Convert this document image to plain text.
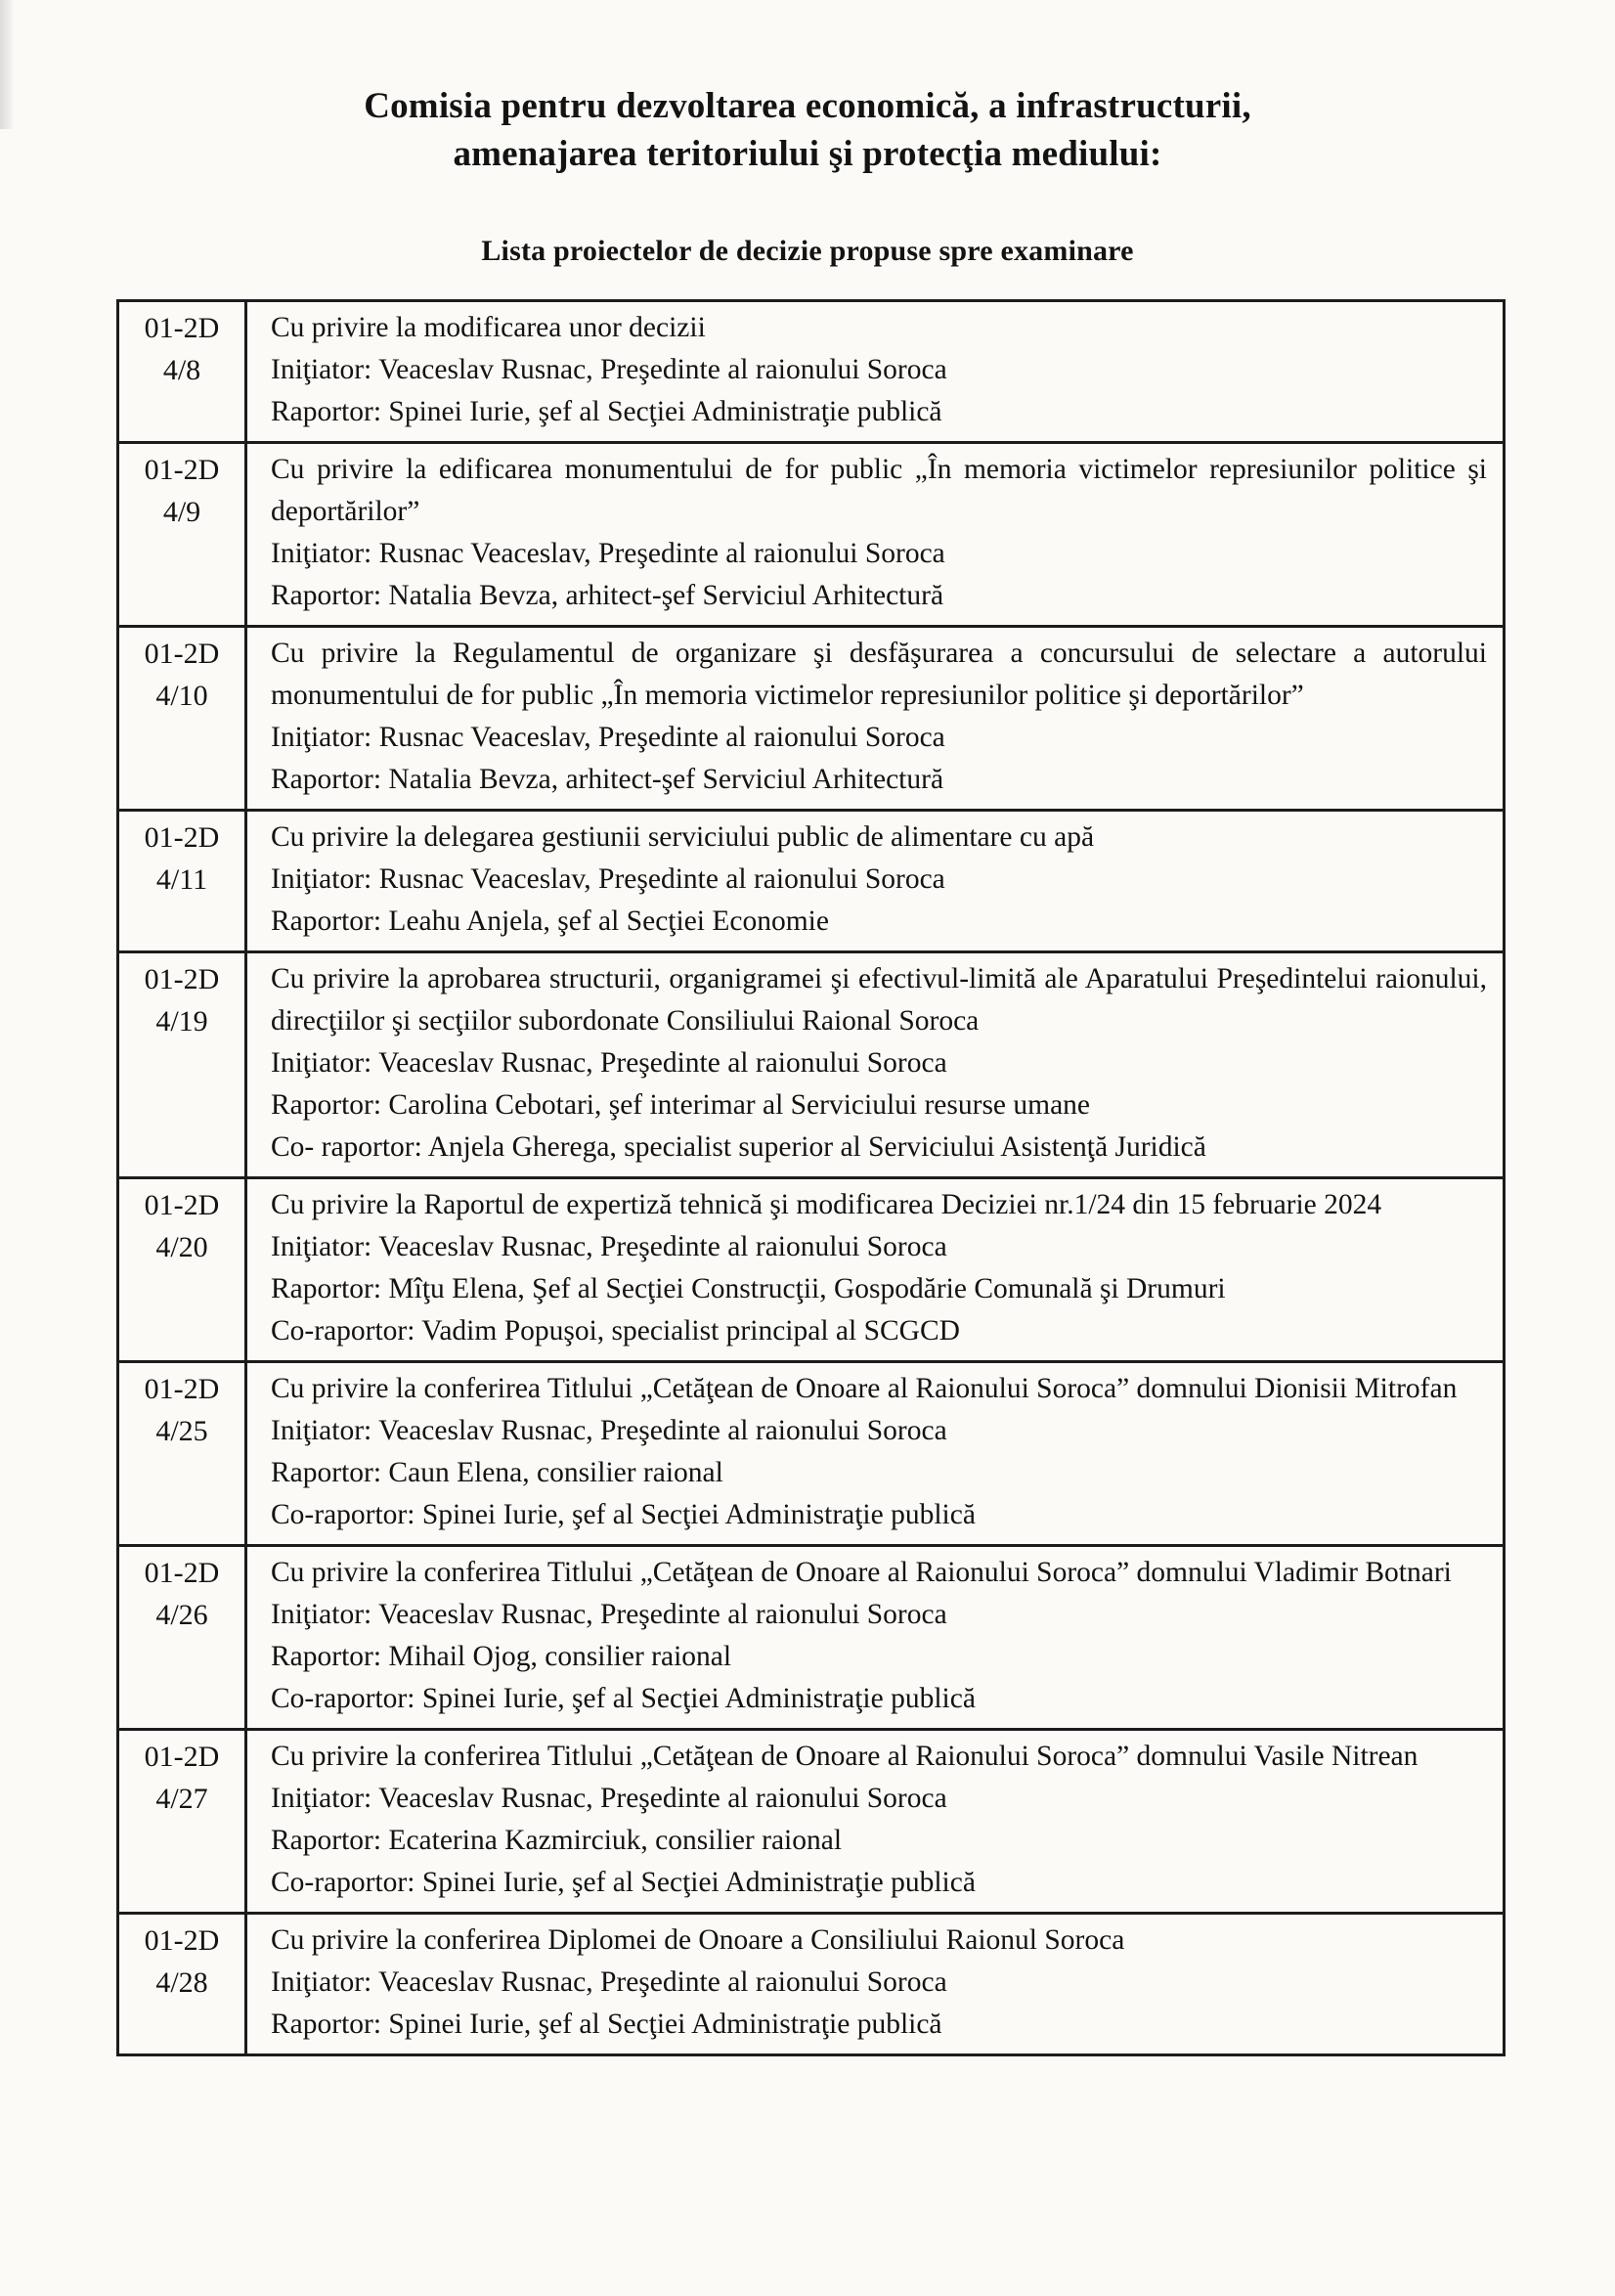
Comisia pentru dezvoltarea economică, a infrastructurii,
amenajarea teritoriului şi protecţia mediului:
Lista proiectelor de decizie propuse spre examinare
01-2D
4/8

Cu privire la modificarea unor decizii

Iniţiator: Veaceslav Rusnac, Preşedinte al raionului Soroca

Raportor: Spinei Iurie, şef al Secţiei Administraţie publică

01-2D
4/9

Cu privire la edificarea monumentului de for public „În memoria victimelor represiunilor politice şi deportărilor”

Iniţiator: Rusnac Veaceslav, Preşedinte al raionului Soroca

Raportor: Natalia Bevza, arhitect-şef Serviciul Arhitectură

01-2D
4/10

Cu privire la Regulamentul de organizare şi desfăşurarea a concursului de selectare a autorului monumentului de for public „În memoria victimelor represiunilor politice şi deportărilor”

Iniţiator: Rusnac Veaceslav, Preşedinte al raionului Soroca

Raportor: Natalia Bevza, arhitect-şef Serviciul Arhitectură

01-2D
4/11

Cu privire la delegarea gestiunii serviciului public de alimentare cu apă

Iniţiator: Rusnac Veaceslav, Preşedinte al raionului Soroca

Raportor: Leahu Anjela, şef al Secţiei Economie

01-2D
4/19

Cu privire la aprobarea structurii, organigramei şi efectivul-limită ale Aparatului Preşedintelui raionului, direcţiilor şi secţiilor subordonate Consiliului Raional Soroca

Iniţiator: Veaceslav Rusnac, Preşedinte al raionului Soroca

Raportor: Carolina Cebotari, şef interimar al Serviciului resurse umane

Co- raportor: Anjela Gherega, specialist superior al Serviciului Asistenţă Juridică

01-2D
4/20

Cu privire la Raportul de expertiză tehnică şi modificarea Deciziei nr.1/24 din 15 februarie 2024

Iniţiator: Veaceslav Rusnac, Preşedinte al raionului Soroca

Raportor: Mîţu Elena, Şef al Secţiei Construcţii, Gospodărie Comunală şi Drumuri

Co-raportor: Vadim Popuşoi, specialist principal al SCGCD

01-2D
4/25

Cu privire la conferirea Titlului „Cetăţean de Onoare al Raionului Soroca” domnului Dionisii Mitrofan

Iniţiator: Veaceslav Rusnac, Preşedinte al raionului Soroca

Raportor: Caun Elena, consilier raional

Co-raportor: Spinei Iurie, şef al Secţiei Administraţie publică

01-2D
4/26

Cu privire la conferirea Titlului „Cetăţean de Onoare al Raionului Soroca” domnului Vladimir Botnari

Iniţiator: Veaceslav Rusnac, Preşedinte al raionului Soroca

Raportor: Mihail Ojog, consilier raional

Co-raportor: Spinei Iurie, şef al Secţiei Administraţie publică

01-2D
4/27

Cu privire la conferirea Titlului „Cetăţean de Onoare al Raionului Soroca” domnului Vasile Nitrean

Iniţiator: Veaceslav Rusnac, Preşedinte al raionului Soroca

Raportor: Ecaterina Kazmirciuk, consilier raional

Co-raportor: Spinei Iurie, şef al Secţiei Administraţie publică

01-2D
4/28

Cu privire la conferirea Diplomei de Onoare a Consiliului Raionul Soroca

Iniţiator: Veaceslav Rusnac, Preşedinte al raionului Soroca

Raportor: Spinei Iurie, şef al Secţiei Administraţie publică
